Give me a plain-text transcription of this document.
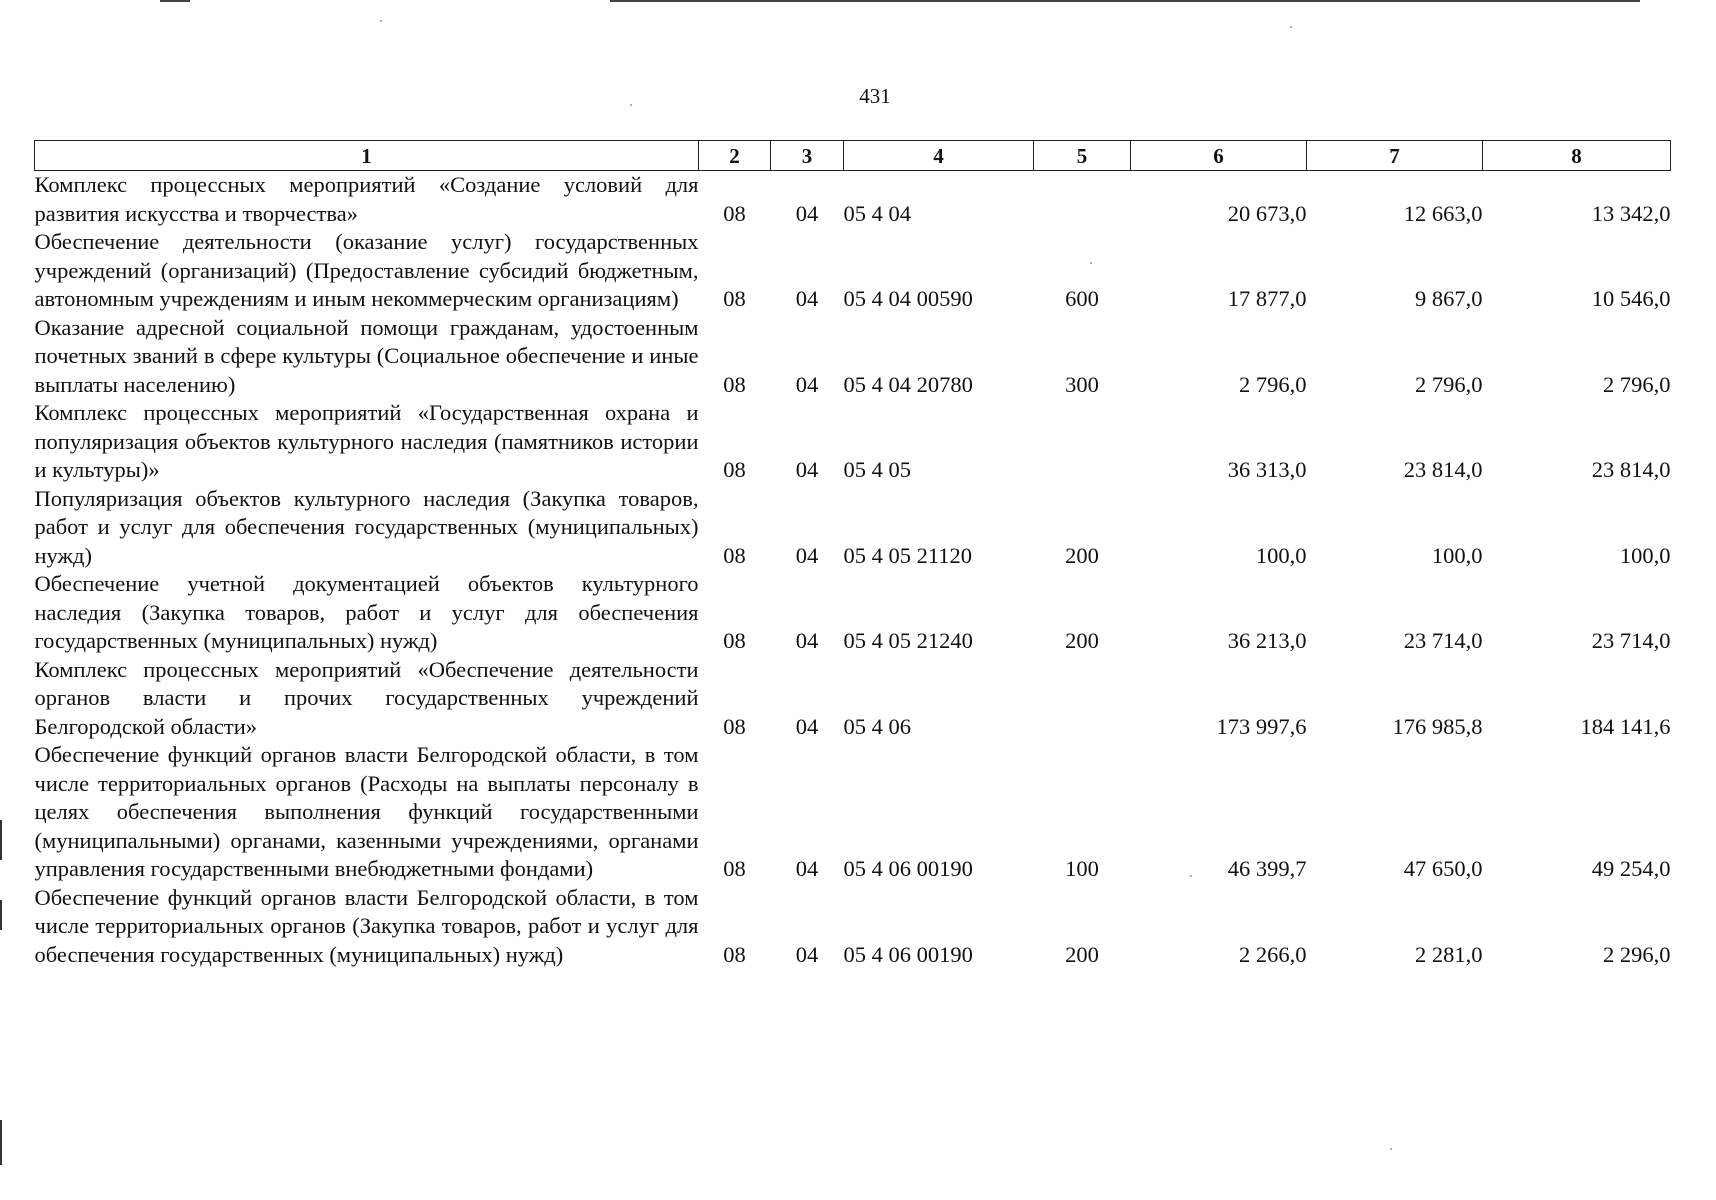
431
1	2	3	4	5	6	7	8
Комплекс процессных мероприятий «Создание условий для развития искусства и творчества»	08	04	05 4 04		20 673,0	12 663,0	13 342,0
Обеспечение деятельности (оказание услуг) государственных учреждений (организаций) (Предоставление субсидий бюджетным, автономным учреждениям и иным некоммерческим организациям)	08	04	05 4 04 00590	600	17 877,0	9 867,0	10 546,0
Оказание адресной социальной помощи гражданам, удостоенным почетных званий в сфере культуры (Социальное обеспечение и иные выплаты населению)	08	04	05 4 04 20780	300	2 796,0	2 796,0	2 796,0
Комплекс процессных мероприятий «Государственная охрана и популяризация объектов культурного наследия (памятников истории и культуры)»	08	04	05 4 05		36 313,0	23 814,0	23 814,0
Популяризация объектов культурного наследия (Закупка товаров, работ и услуг для обеспечения государственных (муниципальных) нужд)	08	04	05 4 05 21120	200	100,0	100,0	100,0
Обеспечение учетной документацией объектов культурного наследия (Закупка товаров, работ и услуг для обеспечения государственных (муниципальных) нужд)	08	04	05 4 05 21240	200	36 213,0	23 714,0	23 714,0
Комплекс процессных мероприятий «Обеспечение деятельности органов власти и прочих государственных учреждений Белгородской области»	08	04	05 4 06		173 997,6	176 985,8	184 141,6
Обеспечение функций органов власти Белгородской области, в том числе территориальных органов (Расходы на выплаты персоналу в целях обеспечения выполнения функций государственными (муниципальными) органами, казенными учреждениями, органами управления государственными внебюджетными фондами)	08	04	05 4 06 00190	100	46 399,7	47 650,0	49 254,0
Обеспечение функций органов власти Белгородской области, в том числе территориальных органов (Закупка товаров, работ и услуг для обеспечения государственных (муниципальных) нужд)	08	04	05 4 06 00190	200	2 266,0	2 281,0	2 296,0
